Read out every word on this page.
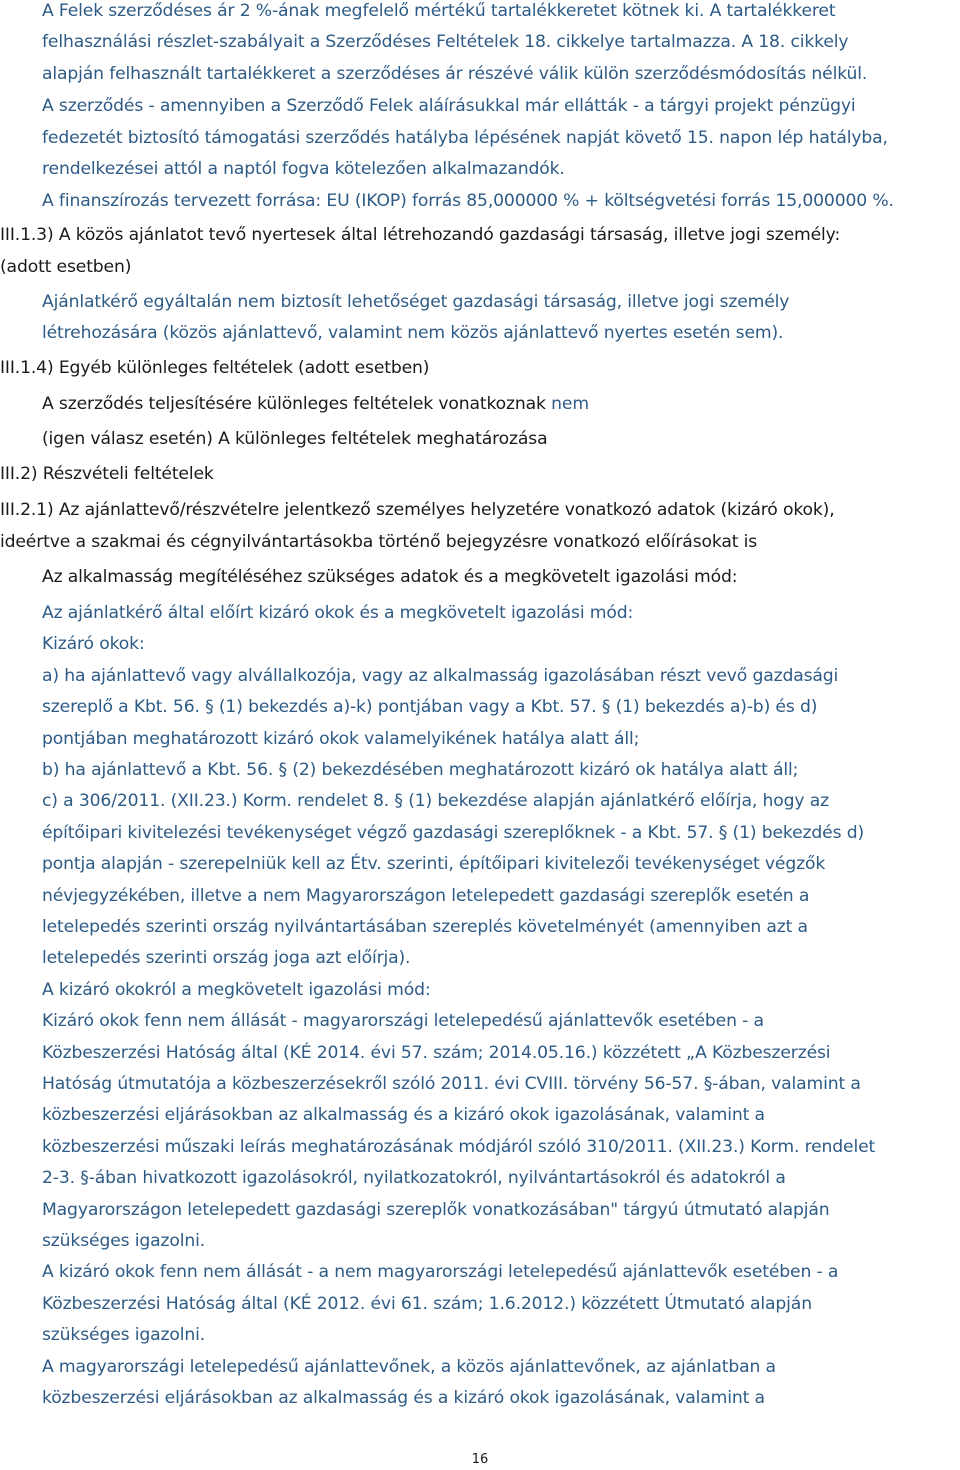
A Felek szerződéses ár 2 %-ának megfelelő mértékű tartalékkeretet kötnek ki. A tartalékkeret
felhasználási részlet-szabályait a Szerződéses Feltételek 18. cikkelye tartalmazza. A 18. cikkely
alapján felhasznált tartalékkeret a szerződéses ár részévé válik külön szerződésmódosítás nélkül.
A szerződés - amennyiben a Szerződő Felek aláírásukkal már ellátták - a tárgyi projekt pénzügyi
fedezetét biztosító támogatási szerződés hatályba lépésének napját követő 15. napon lép hatályba,
rendelkezései attól a naptól fogva kötelezően alkalmazandók.
A finanszírozás tervezett forrása: EU (IKOP) forrás 85,000000 % + költségvetési forrás 15,000000 %.
III.1.3) A közös ajánlatot tevő nyertesek által létrehozandó gazdasági társaság, illetve jogi személy:
(adott esetben)
Ajánlatkérő egyáltalán nem biztosít lehetőséget gazdasági társaság, illetve jogi személy
létrehozására (közös ajánlattevő, valamint nem közös ajánlattevő nyertes esetén sem).
III.1.4) Egyéb különleges feltételek (adott esetben)
A szerződés teljesítésére különleges feltételek vonatkoznak nem
(igen válasz esetén) A különleges feltételek meghatározása
III.2) Részvételi feltételek
III.2.1) Az ajánlattevő/részvételre jelentkező személyes helyzetére vonatkozó adatok (kizáró okok),
ideértve a szakmai és cégnyilvántartásokba történő bejegyzésre vonatkozó előírásokat is
Az alkalmasság megítéléséhez szükséges adatok és a megkövetelt igazolási mód:
Az ajánlatkérő által előírt kizáró okok és a megkövetelt igazolási mód:
Kizáró okok:
a) ha ajánlattevő vagy alvállalkozója, vagy az alkalmasság igazolásában részt vevő gazdasági
szereplő a Kbt. 56. § (1) bekezdés a)-k) pontjában vagy a Kbt. 57. § (1) bekezdés a)-b) és d)
pontjában meghatározott kizáró okok valamelyikének hatálya alatt áll;
b) ha ajánlattevő a Kbt. 56. § (2) bekezdésében meghatározott kizáró ok hatálya alatt áll;
c) a 306/2011. (XII.23.) Korm. rendelet 8. § (1) bekezdése alapján ajánlatkérő előírja, hogy az
építőipari kivitelezési tevékenységet végző gazdasági szereplőknek - a Kbt. 57. § (1) bekezdés d)
pontja alapján - szerepelniük kell az Étv. szerinti, építőipari kivitelezői tevékenységet végzők
névjegyzékében, illetve a nem Magyarországon letelepedett gazdasági szereplők esetén a
letelepedés szerinti ország nyilvántartásában szereplés követelményét (amennyiben azt a
letelepedés szerinti ország joga azt előírja).
A kizáró okokról a megkövetelt igazolási mód:
Kizáró okok fenn nem állását - magyarországi letelepedésű ajánlattevők esetében - a
Közbeszerzési Hatóság által (KÉ 2014. évi 57. szám; 2014.05.16.) közzétett „A Közbeszerzési
Hatóság útmutatója a közbeszerzésekről szóló 2011. évi CVIII. törvény 56-57. §-ában, valamint a
közbeszerzési eljárásokban az alkalmasság és a kizáró okok igazolásának, valamint a
közbeszerzési műszaki leírás meghatározásának módjáról szóló 310/2011. (XII.23.) Korm. rendelet
2-3. §-ában hivatkozott igazolásokról, nyilatkozatokról, nyilvántartásokról és adatokról a
Magyarországon letelepedett gazdasági szereplők vonatkozásában" tárgyú útmutató alapján
szükséges igazolni.
A kizáró okok fenn nem állását - a nem magyarországi letelepedésű ajánlattevők esetében - a
Közbeszerzési Hatóság által (KÉ 2012. évi 61. szám; 1.6.2012.) közzétett Útmutató alapján
szükséges igazolni.
A magyarországi letelepedésű ajánlattevőnek, a közös ajánlattevőnek, az ajánlatban a
közbeszerzési eljárásokban az alkalmasság és a kizáró okok igazolásának, valamint a
16
